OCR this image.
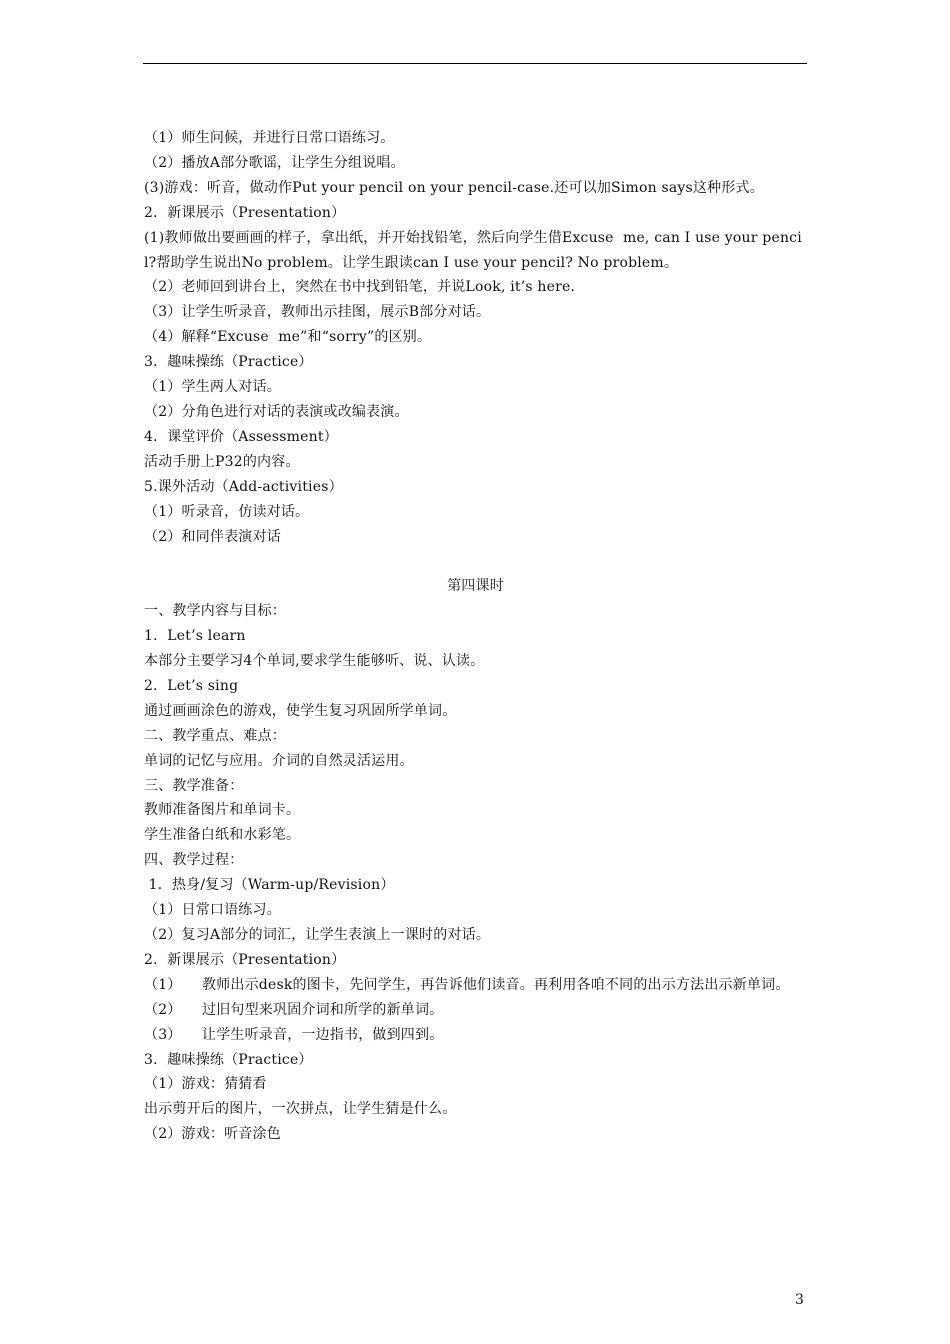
（1）师生问候，并进行日常口语练习。
（2）播放A部分歌谣，让学生分组说唱。
(3)游戏：听音，做动作Put your pencil on your pencil-case.还可以加Simon says这种形式。
2．新课展示（Presentation）
(1)教师做出要画画的样子，拿出纸，并开始找铅笔，然后向学生借Excuse  me, can I use your pencil?帮助学生说出No problem。让学生跟读can I use your pencil? No problem。
（2）老师回到讲台上，突然在书中找到铅笔，并说Look, it’s here.
（3）让学生听录音，教师出示挂图，展示B部分对话。
（4）解释“Excuse  me”和“sorry”的区别。
3．趣味操练（Practice）
（1）学生两人对话。
（2）分角色进行对话的表演或改编表演。
4．课堂评价（Assessment）
活动手册上P32的内容。
5.课外活动（Add-activities）
（1）听录音，仿读对话。
（2）和同伴表演对话
第四课时
一、教学内容与目标：
1．Let’s learn
本部分主要学习4个单词,要求学生能够听、说、认读。
2．Let’s sing
通过画画涂色的游戏，使学生复习巩固所学单词。
二、教学重点、难点：
单词的记忆与应用。介词的自然灵活运用。
三、教学准备：
教师准备图片和单词卡。
学生准备白纸和水彩笔。
四、教学过程：
1．热身/复习（Warm-up/Revision）
（1）日常口语练习。
（2）复习A部分的词汇，让学生表演上一课时的对话。
2．新课展示（Presentation）
（1）	教师出示desk的图卡，先问学生，再告诉他们读音。再利用各咱不同的出示方法出示新单词。
（2）	过旧句型来巩固介词和所学的新单词。
（3）	让学生听录音，一边指书，做到四到。
3．趣味操练（Practice）
（1）游戏：猜猜看
出示剪开后的图片，一次拼点，让学生猜是什么。
（2）游戏：听音涂色
3
